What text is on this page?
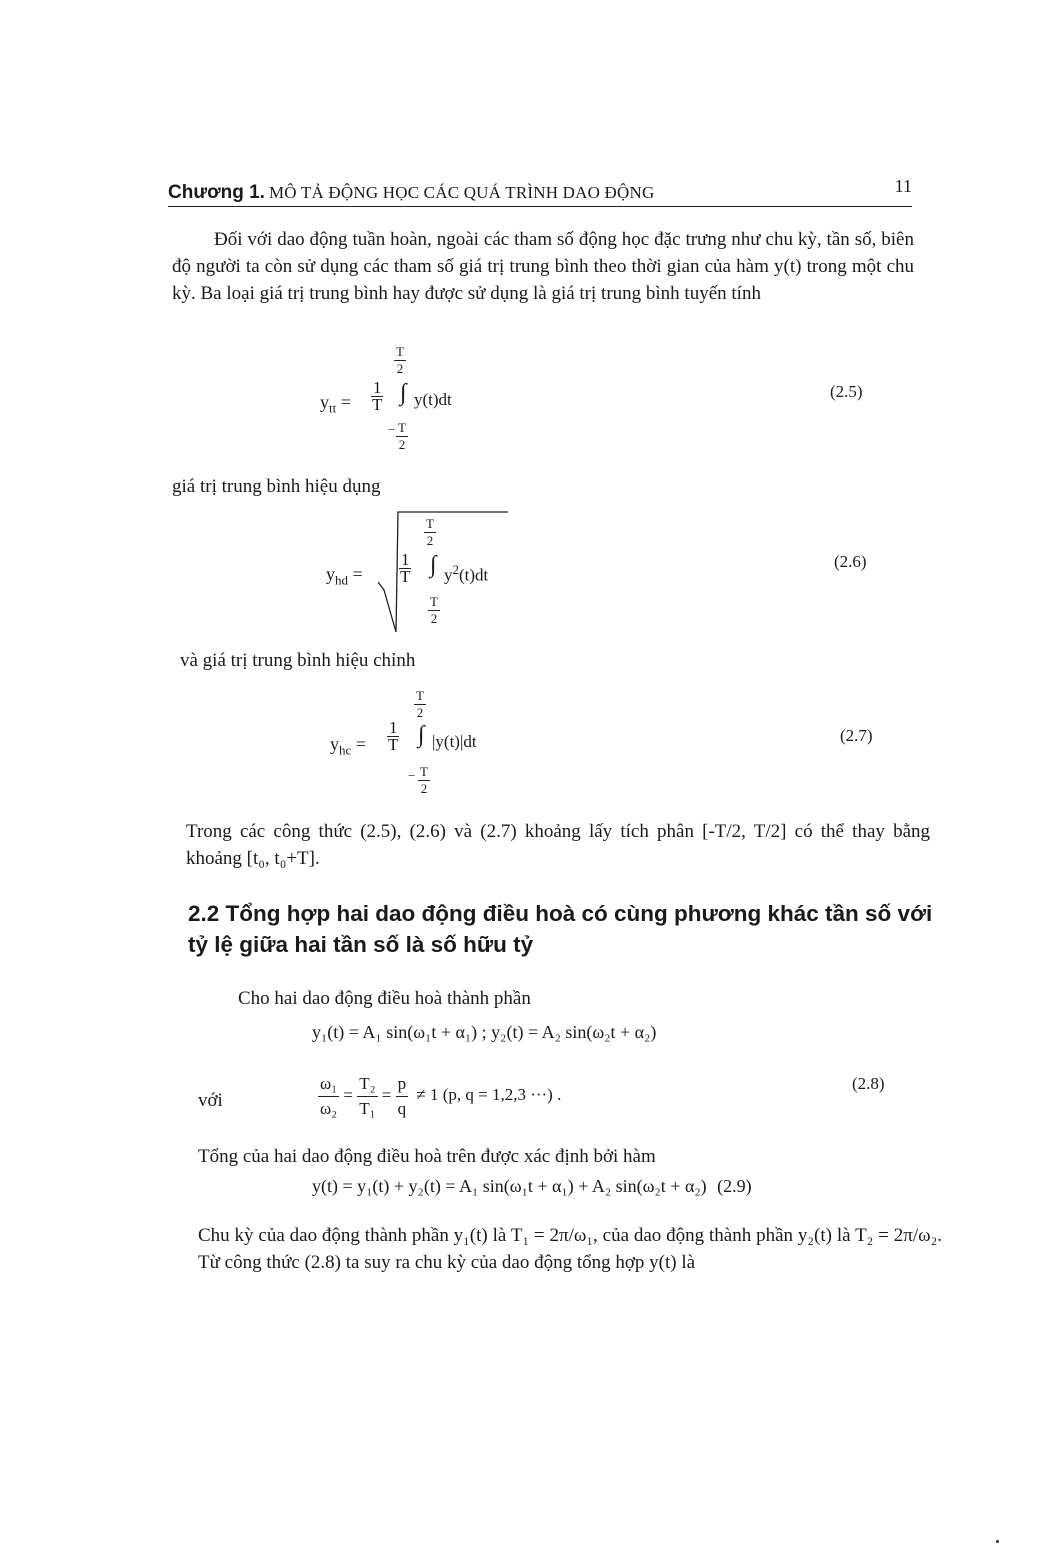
Chương 1. MÔ TẢ ĐỘNG HỌC CÁC QUÁ TRÌNH DAO ĐỘNG	11
Đối với dao động tuần hoàn, ngoài các tham số động học đặc trưng như chu kỳ, tần số, biên độ người ta còn sử dụng các tham số giá trị trung bình theo thời gian của hàm y(t) trong một chu kỳ. Ba loại giá trị trung bình hay được sử dụng là giá trị trung bình tuyến tính
$y_{tt} = \frac{1}{T}$
$\frac{T}{2}$
∫ y(t)dt
− $\frac{T}{2}$
(2.5)
giá trị trung bình hiệu dụng
$y_{hd} = \frac{1}{T}$
$\frac{T}{2}$
∫ $y^2(t)dt$
$\frac{T}{2}$
(2.6)
và giá trị trung bình hiệu chỉnh
$y_{hc} = \frac{1}{T}$
$\frac{T}{2}$
∫ |y(t)|dt
− $\frac{T}{2}$
(2.7)
Trong các công thức (2.5), (2.6) và (2.7) khoảng lấy tích phân [-T/2, T/2] có thể thay bằng khoảng [t₀, t₀+T].
2.2 Tổng hợp hai dao động điều hoà có cùng phương khác tần số với tỷ lệ giữa hai tần số là số hữu tỷ
Cho hai dao động điều hoà thành phần
y₁(t) = A₁ sin(ω₁t + α₁) ; y₂(t) = A₂ sin(ω₂t + α₂)
với	$\frac{\text{ω₁}}{\text{ω₂}} = \frac{\text{T₂}}{\text{T₁}} = \frac{p}{q} \ne 1$ (p, q = 1,2,3 ···) .
(2.8)
Tổng của hai dao động điều hoà trên được xác định bởi hàm
y(t) = y₁(t) + y₂(t) = A₁ sin(ω₁t + α₁) + A₂ sin(ω₂t + α₂) (2.9)
Chu kỳ của dao động thành phần y₁(t) là T₁ = 2π/ω₁, của dao động thành phần y₂(t) là T₂ = 2π/ω₂. Từ công thức (2.8) ta suy ra chu kỳ của dao động tổng hợp y(t) là
